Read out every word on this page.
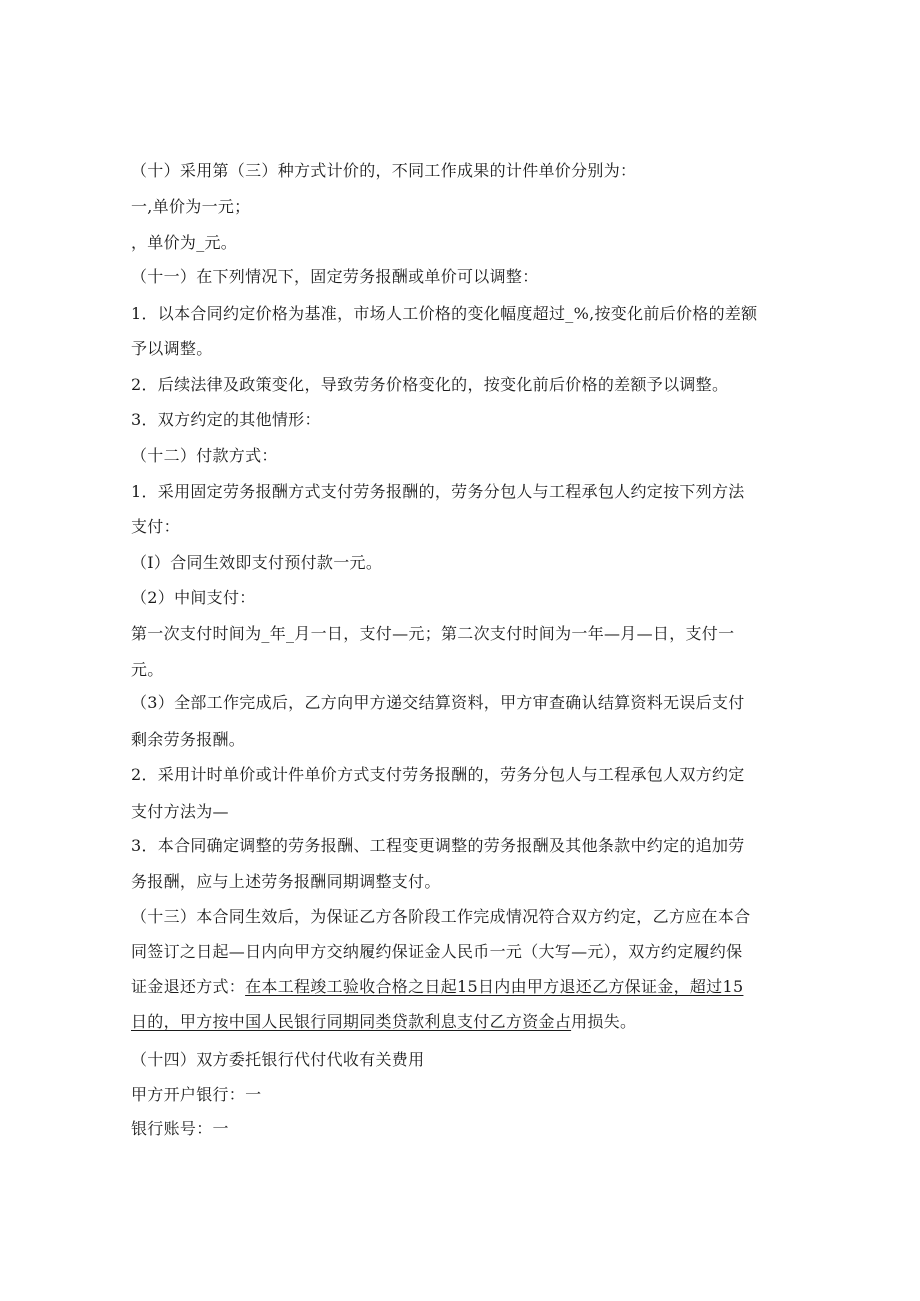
（十）采用第（三）种方式计价的，不同工作成果的计件单价分别为：
一,单价为一元；
，单价为_元。
（十一）在下列情况下，固定劳务报酬或单价可以调整：
1．以本合同约定价格为基准，市场人工价格的变化幅度超过_%,按变化前后价格的差额
予以调整。
2．后续法律及政策变化，导致劳务价格变化的，按变化前后价格的差额予以调整。
3．双方约定的其他情形：
（十二）付款方式：
1．采用固定劳务报酬方式支付劳务报酬的，劳务分包人与工程承包人约定按下列方法
支付：
（I）合同生效即支付预付款一元。
（2）中间支付：
第一次支付时间为_年_月一日，支付—元；第二次支付时间为一年—月—日，支付一
元。
（3）全部工作完成后，乙方向甲方递交结算资料，甲方审查确认结算资料无误后支付
剩余劳务报酬。
2．采用计时单价或计件单价方式支付劳务报酬的，劳务分包人与工程承包人双方约定
支付方法为—
3．本合同确定调整的劳务报酬、工程变更调整的劳务报酬及其他条款中约定的追加劳
务报酬，应与上述劳务报酬同期调整支付。
（十三）本合同生效后，为保证乙方各阶段工作完成情况符合双方约定，乙方应在本合
同签订之日起—日内向甲方交纳履约保证金人民币一元（大写—元），双方约定履约保
证金退还方式：在本工程竣工验收合格之日起15日内由甲方退还乙方保证金，超过15
日的，甲方按中国人民银行同期同类贷款利息支付乙方资金占用损失。
（十四）双方委托银行代付代收有关费用
甲方开户银行：一
银行账号：一
